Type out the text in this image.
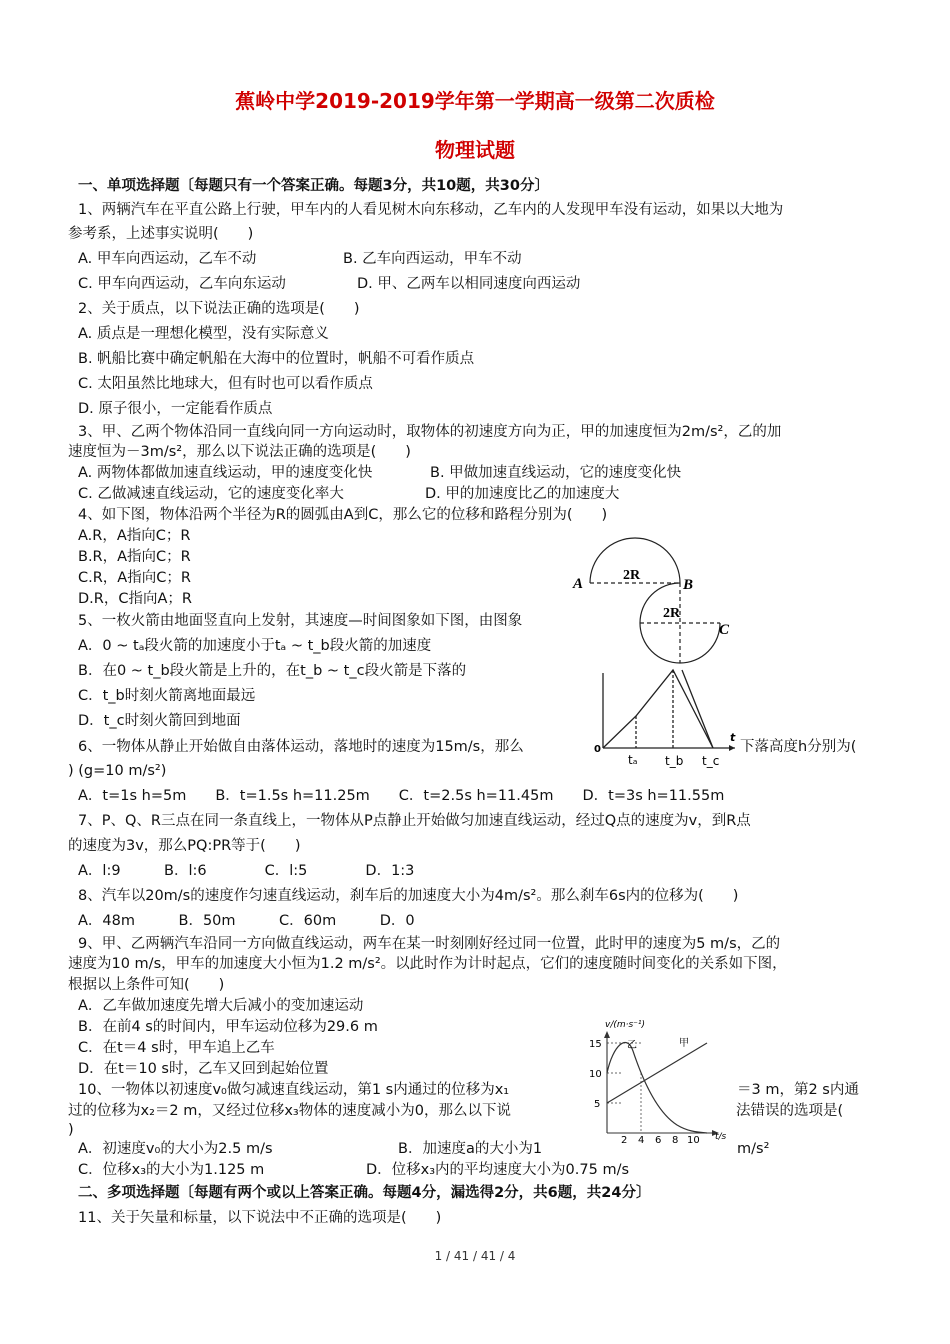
蕉岭中学2019-2019学年第一学期高一级第二次质检
物理试题
一、单项选择题〔每题只有一个答案正确。每题3分，共10题，共30分〕
1、两辆汽车在平直公路上行驶，甲车内的人看见树木向东移动，乙车内的人发现甲车没有运动，如果以大地为
参考系，上述事实说明(　　)
A. 甲车向西运动，乙车不动	B. 乙车向西运动，甲车不动
C. 甲车向西运动，乙车向东运动	D. 甲、乙两车以相同速度向西运动
2、关于质点，以下说法正确的选项是(　　)
A. 质点是一理想化模型，没有实际意义
B. 帆船比赛中确定帆船在大海中的位置时，帆船不可看作质点
C. 太阳虽然比地球大，但有时也可以看作质点
D. 原子很小，一定能看作质点
3、甲、乙两个物体沿同一直线向同一方向运动时，取物体的初速度方向为正，甲的加速度恒为2m/s²，乙的加
速度恒为－3m/s²，那么以下说法正确的选项是(　　)
A. 两物体都做加速直线运动，甲的速度变化快	B. 甲做加速直线运动，它的速度变化快
C. 乙做减速直线运动，它的速度变化率大	D. 甲的加速度比乙的加速度大
4、如下图，物体沿两个半径为R的圆弧由A到C，那么它的位移和路程分别为(　　)
A.R，A指向C；R
B.R，A指向C；R
C.R，A指向C；R
D.R，C指向A；R
A	B
C
2R
2R
5、一枚火箭由地面竖直向上发射，其速度—时间图象如下图，由图象
A．0 ~ tₐ段火箭的加速度小于tₐ ~ t_b段火箭的加速度
B．在0 ~ t_b段火箭是上升的，在t_b ~ t_c段火箭是下落的
C．t_b时刻火箭离地面最远
D．t_c时刻火箭回到地面
0
t
tₐ t_b t_c
6、一物体从静止开始做自由落体运动，落地时的速度为15m/s，那么	下落高度h分别为(
) (g=10 m/s²)
A．t=1s h=5m　　B．t=1.5s h=11.25m　　C．t=2.5s h=11.45m　　D．t=3s h=11.55m
7、P、Q、R三点在同一条直线上，一物体从P点静止开始做匀加速直线运动，经过Q点的速度为v，到R点
的速度为3v，那么PQ:PR等于(　　)
A．l:9　　　B．l:6　　　　C．l:5　　　　D．1:3
8、汽车以20m/s的速度作匀速直线运动，刹车后的加速度大小为4m/s²。那么刹车6s内的位移为(　　)
A．48m　　　B．50m　　　C．60m　　　D．0
9、甲、乙两辆汽车沿同一方向做直线运动，两车在某一时刻刚好经过同一位置，此时甲的速度为5 m/s，乙的
速度为10 m/s，甲车的加速度大小恒为1.2 m/s²。以此时作为计时起点，它们的速度随时间变化的关系如下图，
根据以上条件可知(　　)
A．乙车做加速度先增大后减小的变加速运动
B．在前4 s的时间内，甲车运动位移为29.6 m
C．在t＝4 s时，甲车追上乙车
D．在t＝10 s时，乙车又回到起始位置
v/(m·s⁻¹)
t/s
乙	甲
15
10
5
2 4 6 8 10
10、一物体以初速度v₀做匀减速直线运动，第1 s内通过的位移为x₁	＝3 m，第2 s内通
过的位移为x₂＝2 m，又经过位移x₃物体的速度减小为0，那么以下说	法错误的选项是(
)
A．初速度v₀的大小为2.5 m/s	B．加速度a的大小为1	m/s²
C．位移x₃的大小为1.125 m	D．位移x₃内的平均速度大小为0.75 m/s
二、多项选择题〔每题有两个或以上答案正确。每题4分，漏选得2分，共6题，共24分〕
11、关于矢量和标量，以下说法中不正确的选项是(　　)
1 / 41 / 41 / 4
